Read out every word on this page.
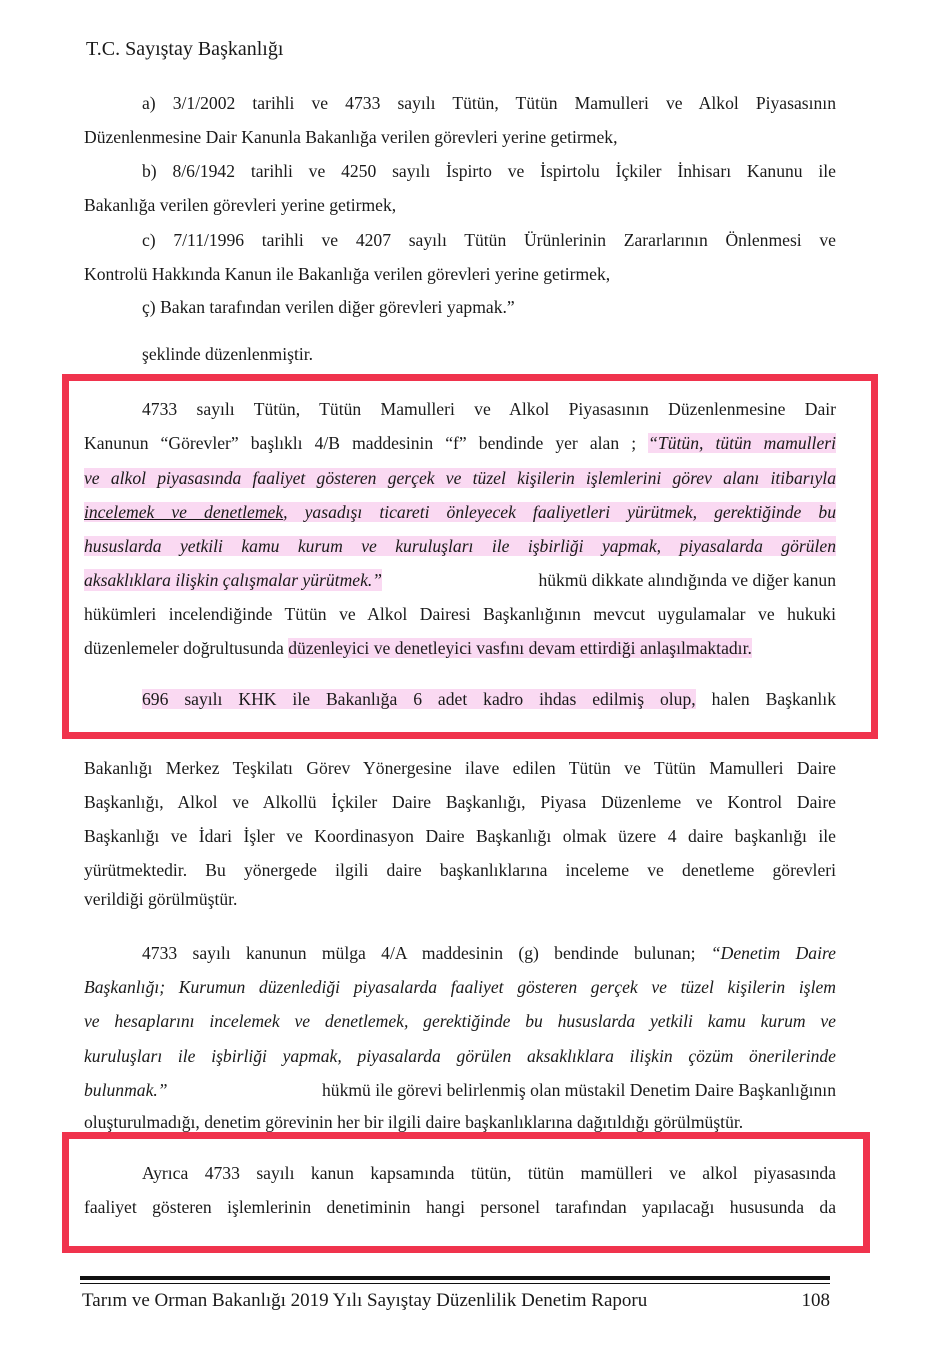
T.C. Sayıştay Başkanlığı
a) 3/1/2002 tarihli ve 4733 sayılı Tütün, Tütün Mamulleri ve Alkol Piyasasının
Düzenlenmesine Dair Kanunla Bakanlığa verilen görevleri yerine getirmek,
b) 8/6/1942 tarihli ve 4250 sayılı İspirto ve İspirtolu İçkiler İnhisarı Kanunu ile
Bakanlığa verilen görevleri yerine getirmek,
c) 7/11/1996 tarihli ve 4207 sayılı Tütün Ürünlerinin Zararlarının Önlenmesi ve
Kontrolü Hakkında Kanun ile Bakanlığa verilen görevleri yerine getirmek,
ç) Bakan tarafından verilen diğer görevleri yapmak.”
şeklinde düzenlenmiştir.
4733 sayılı Tütün, Tütün Mamulleri ve Alkol Piyasasının Düzenlenmesine Dair
Kanunun “Görevler” başlıklı 4/B maddesinin “f” bendinde yer alan ; “Tütün, tütün mamulleri
ve alkol piyasasında faaliyet gösteren gerçek ve tüzel kişilerin işlemlerini görev alanı itibarıyla
incelemek ve denetlemek, yasadışı ticareti önleyecek faaliyetleri yürütmek, gerektiğinde bu
hususlarda yetkili kamu kurum ve kuruluşları ile işbirliği yapmak, piyasalarda görülen
aksaklıklara ilişkin çalışmalar yürütmek.”	hükmü dikkate alındığında ve diğer kanun
hükümleri incelendiğinde Tütün ve Alkol Dairesi Başkanlığının mevcut uygulamalar ve hukuki
düzenlemeler doğrultusunda düzenleyici ve denetleyici vasfını devam ettirdiği anlaşılmaktadır.
696 sayılı KHK ile Bakanlığa 6 adet kadro ihdas edilmiş olup, halen Başkanlık
Bakanlığı Merkez Teşkilatı Görev Yönergesine ilave edilen Tütün ve Tütün Mamulleri Daire
Başkanlığı, Alkol ve Alkollü İçkiler Daire Başkanlığı, Piyasa Düzenleme ve Kontrol Daire
Başkanlığı ve İdari İşler ve Koordinasyon Daire Başkanlığı olmak üzere 4 daire başkanlığı ile
yürütmektedir. Bu yönergede ilgili daire başkanlıklarına inceleme ve denetleme görevleri
verildiği görülmüştür.
4733 sayılı kanunun mülga 4/A maddesinin (g) bendinde bulunan; “Denetim Daire
Başkanlığı; Kurumun düzenlediği piyasalarda faaliyet gösteren gerçek ve tüzel kişilerin işlem
ve hesaplarını incelemek ve denetlemek, gerektiğinde bu hususlarda yetkili kamu kurum ve
kuruluşları ile işbirliği yapmak, piyasalarda görülen aksaklıklara ilişkin çözüm önerilerinde
bulunmak.”	hükmü ile görevi belirlenmiş olan müstakil Denetim Daire Başkanlığının
oluşturulmadığı, denetim görevinin her bir ilgili daire başkanlıklarına dağıtıldığı görülmüştür.
Ayrıca 4733 sayılı kanun kapsamında tütün, tütün mamülleri ve alkol piyasasında
faaliyet gösteren işlemlerinin denetiminin hangi personel tarafından yapılacağı hususunda da
Tarım ve Orman Bakanlığı 2019 Yılı Sayıştay Düzenlilik Denetim Raporu	108
